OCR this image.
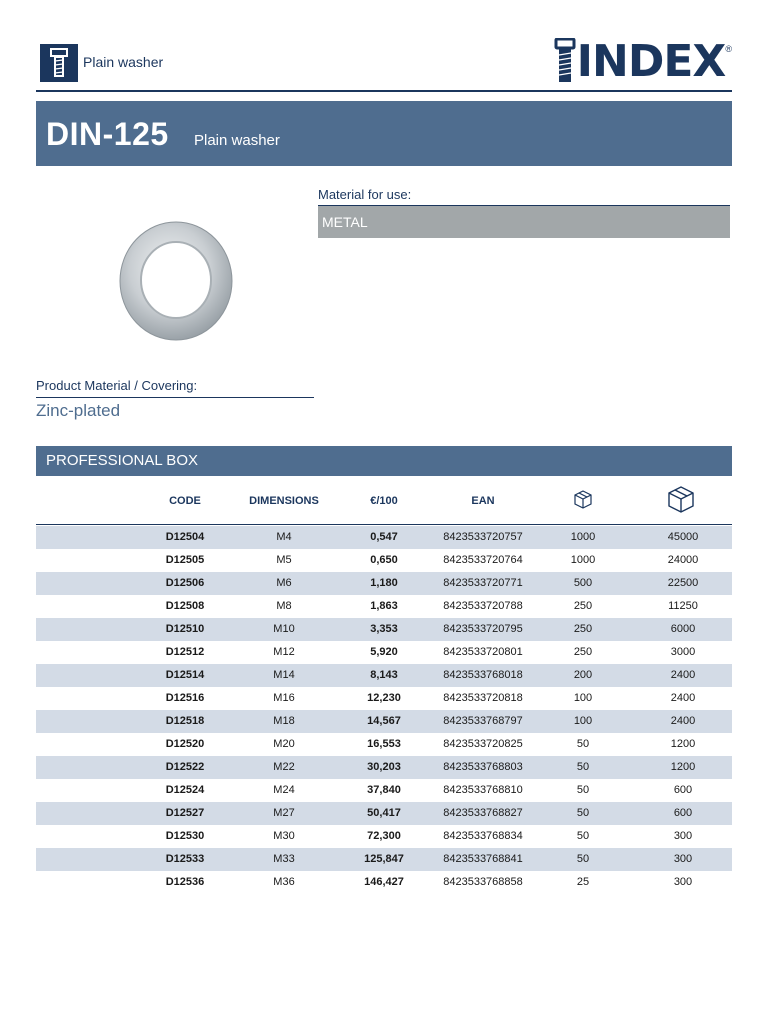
Plain washer	INDEX ®
DIN-125 Plain washer
Material for use:
METAL
Product Material / Covering:
Zinc-plated
PROFESSIONAL BOX
CODE	DIMENSIONS	€/100	EAN
D12504	M4	0,547	8423533720757	1000	45000
D12505	M5	0,650	8423533720764	1000	24000
D12506	M6	1,180	8423533720771	500	22500
D12508	M8	1,863	8423533720788	250	11250
D12510	M10	3,353	8423533720795	250	6000
D12512	M12	5,920	8423533720801	250	3000
D12514	M14	8,143	8423533768018	200	2400
D12516	M16	12,230	8423533720818	100	2400
D12518	M18	14,567	8423533768797	100	2400
D12520	M20	16,553	8423533720825	50	1200
D12522	M22	30,203	8423533768803	50	1200
D12524	M24	37,840	8423533768810	50	600
D12527	M27	50,417	8423533768827	50	600
D12530	M30	72,300	8423533768834	50	300
D12533	M33	125,847	8423533768841	50	300
D12536	M36	146,427	8423533768858	25	300
